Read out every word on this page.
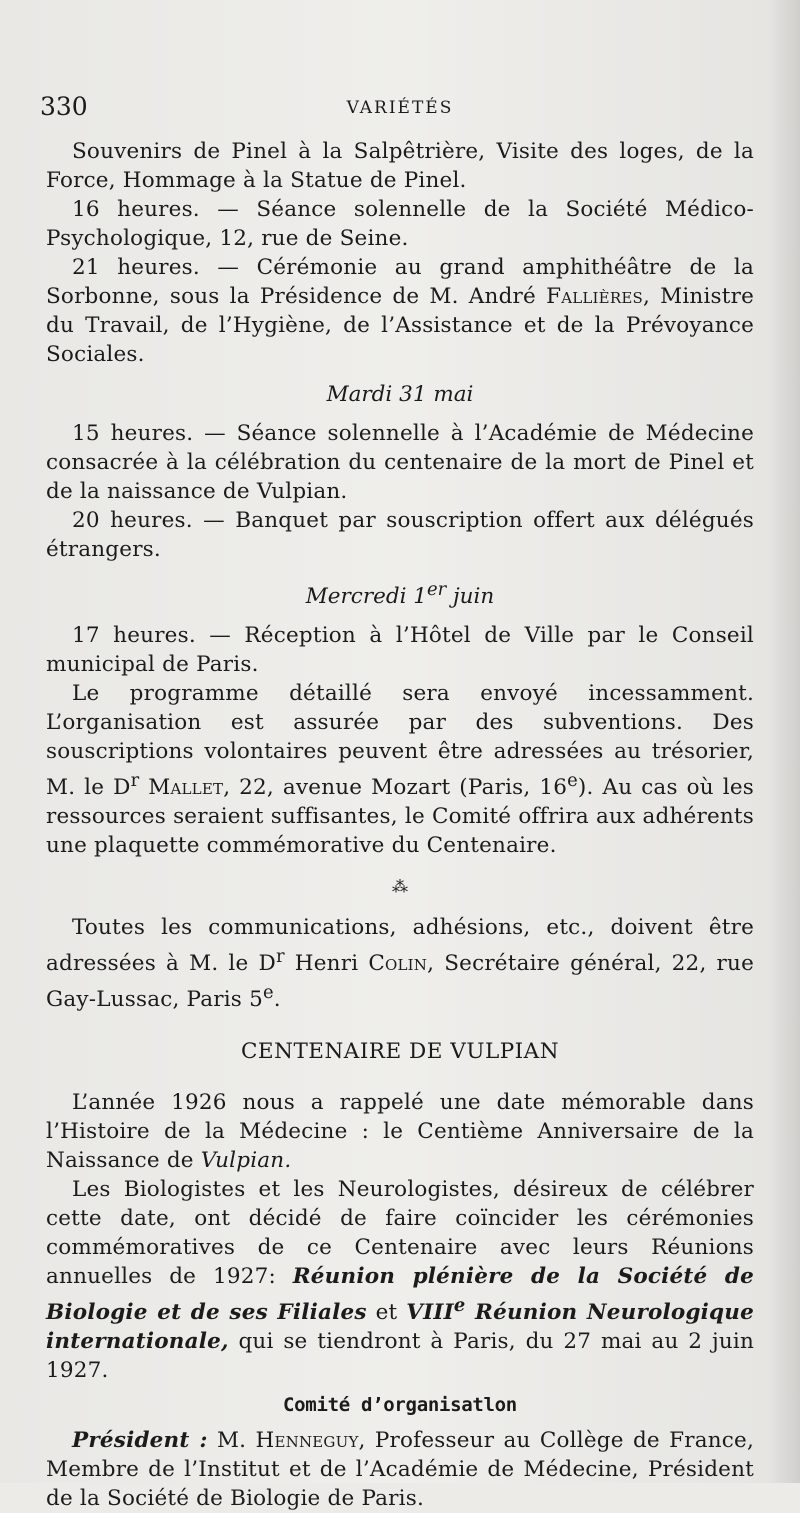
330	VARIÉTÉS

Souvenirs de Pinel à la Salpêtrière, Visite des loges, de la Force, Hommage à la Statue de Pinel.

16 heures. — Séance solennelle de la Société Médico-Psychologique, 12, rue de Seine.

21 heures. — Cérémonie au grand amphithéâtre de la Sorbonne, sous la Présidence de M. André Fallières, Ministre du Travail, de l’Hygiène, de l’Assistance et de la Prévoyance Sociales.

Mardi 31 mai

15 heures. — Séance solennelle à l’Académie de Médecine consacrée à la célébration du centenaire de la mort de Pinel et de la naissance de Vulpian.

20 heures. — Banquet par souscription offert aux délégués étrangers.

Mercredi 1er juin

17 heures. — Réception à l’Hôtel de Ville par le Conseil municipal de Paris.

Le programme détaillé sera envoyé incessamment. L’organisation est assurée par des subventions. Des souscriptions volontaires peuvent être adressées au trésorier, M. le $D^r$ Mallet, 22, avenue Mozart (Paris, 16e). Au cas où les ressources seraient suffisantes, le Comité offrira aux adhérents une plaquette commémorative du Centenaire.

⁂

Toutes les communications, adhésions, etc., doivent être adressées à M. le $D^r$ Henri Colin, Secrétaire général, 22, rue Gay-Lussac, Paris 5e.

CENTENAIRE DE VULPIAN

L’année 1926 nous a rappelé une date mémorable dans l’Histoire de la Médecine : le Centième Anniversaire de la Naissance de Vulpian.

Les Biologistes et les Neurologistes, désireux de célébrer cette date, ont décidé de faire coïncider les cérémonies commémoratives de ce Centenaire avec leurs Réunions annuelles de 1927: Réunion plénière de la Société de Biologie et de ses Filiales et VIIIe Réunion Neurologique internationale, qui se tiendront à Paris, du 27 mai au 2 juin 1927.

Comité d’organisatlon

Président : M. Henneguy, Professeur au Collège de France, Membre de l’Institut et de l’Académie de Médecine, Président de la Société de Biologie de Paris.
